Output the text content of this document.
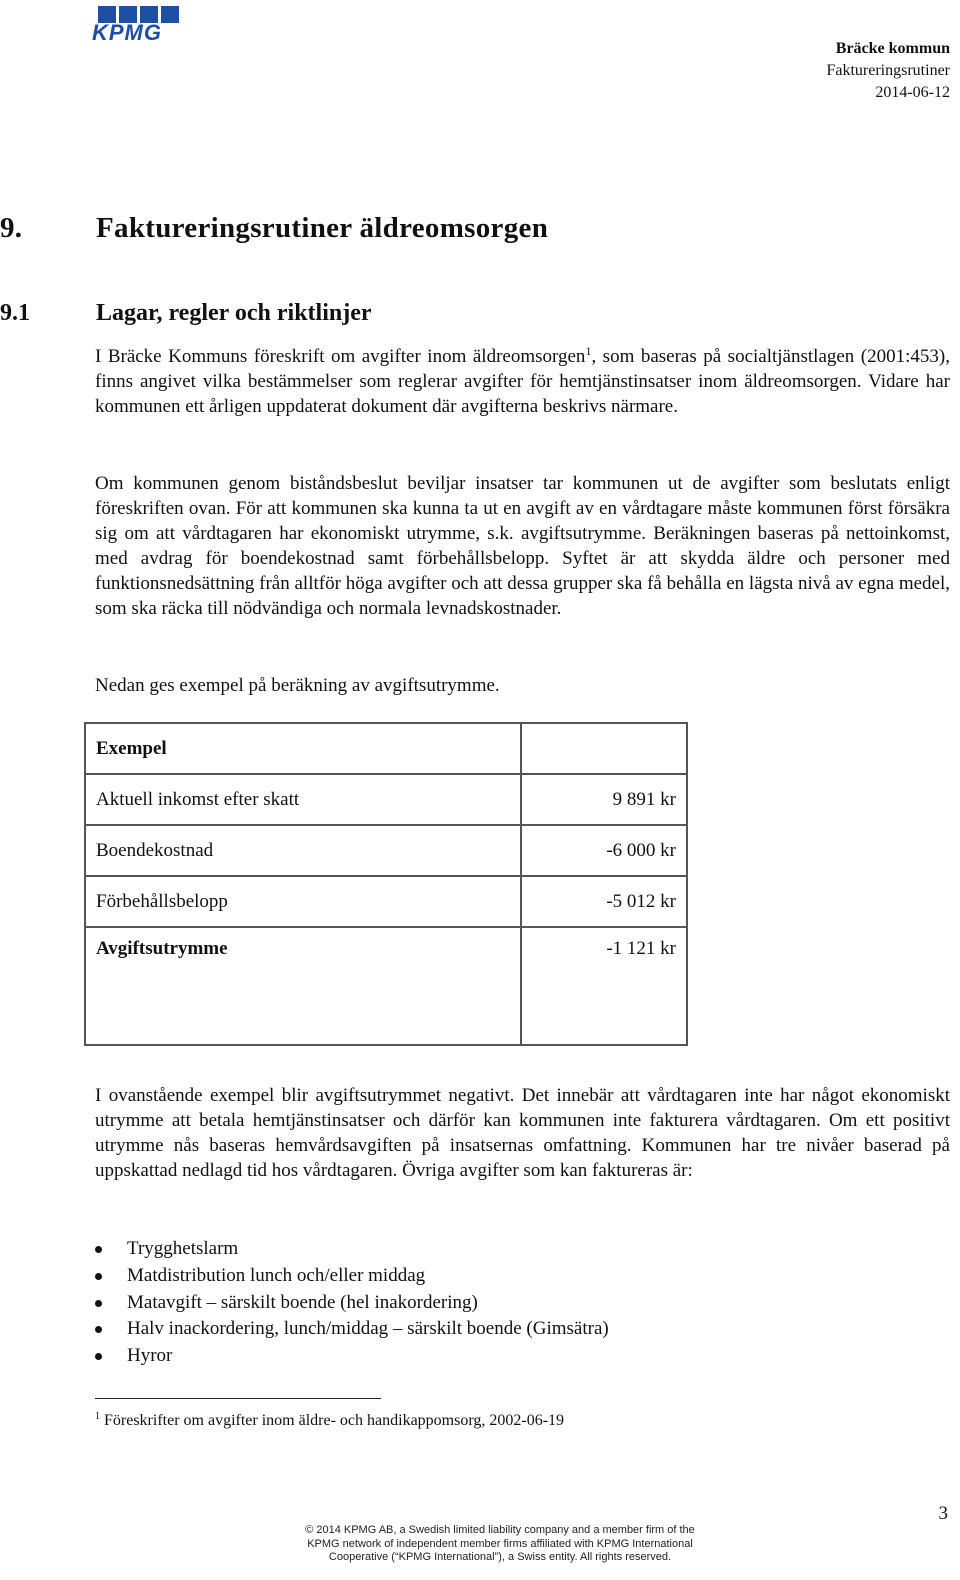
KPMG
Bräcke kommun
Faktureringsrutiner
2014-06-12
9.	Faktureringsrutiner äldreomsorgen
9.1	Lagar, regler och riktlinjer

I Bräcke Kommuns föreskrift om avgifter inom äldreomsorgen$^1$, som baseras på socialtjänstlagen (2001:453), finns angivet vilka bestämmelser som reglerar avgifter för hemtjänstinsatser inom äldreomsorgen. Vidare har kommunen ett årligen uppdaterat dokument där avgifterna beskrivs närmare.

Om kommunen genom biståndsbeslut beviljar insatser tar kommunen ut de avgifter som beslutats enligt föreskriften ovan. För att kommunen ska kunna ta ut en avgift av en vårdtagare måste kommunen först försäkra sig om att vårdtagaren har ekonomiskt utrymme, s.k. avgiftsutrymme. Beräkningen baseras på nettoinkomst, med avdrag för boendekostnad samt förbehållsbelopp. Syftet är att skydda äldre och personer med funktionsnedsättning från alltför höga avgifter och att dessa grupper ska få behålla en lägsta nivå av egna medel, som ska räcka till nödvändiga och normala levnadskostnader.

Nedan ges exempel på beräkning av avgiftsutrymme.

Exempel	
Aktuell inkomst efter skatt	9 891 kr
Boendekostnad	-6 000 kr
Förbehållsbelopp	-5 012 kr
Avgiftsutrymme	-1 121 kr

I ovanstående exempel blir avgiftsutrymmet negativt. Det innebär att vårdtagaren inte har något ekonomiskt utrymme att betala hemtjänstinsatser och därför kan kommunen inte fakturera vårdtagaren. Om ett positivt utrymme nås baseras hemvårdsavgiften på insatsernas omfattning. Kommunen har tre nivåer baserad på uppskattad nedlagd tid hos vårdtagaren. Övriga avgifter som kan faktureras är:

Trygghetslarm
Matdistribution lunch och/eller middag
Matavgift – särskilt boende (hel inakordering)
Halv inackordering, lunch/middag – särskilt boende (Gimsätra)
Hyror
$^1$ Föreskrifter om avgifter inom äldre- och handikappomsorg, 2002-06-19
© 2014 KPMG AB, a Swedish limited liability company and a member firm of the
KPMG network of independent member firms affiliated with KPMG International
Cooperative (“KPMG International”), a Swiss entity. All rights reserved.
3
